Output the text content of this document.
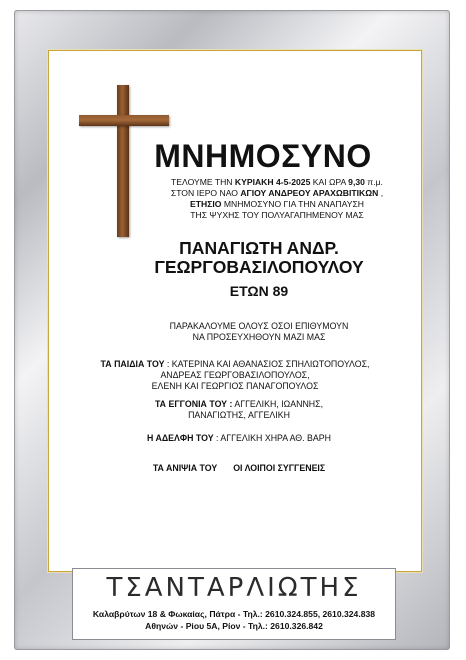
ΜΝΗΜΟΣΥΝΟ
ΤΕΛΟΥΜΕ ΤΗΝ ΚΥΡΙΑΚΗ 4-5-2025 ΚΑΙ ΩΡΑ 9,30 π.μ.
ΣΤΟΝ ΙΕΡΟ ΝΑΟ ΑΓΙΟΥ ΑΝΔΡΕΟΥ ΑΡΑΧΩΒΙΤΙΚΩΝ ,
ΕΤΗΣΙΟ ΜΝΗΜΟΣΥΝΟ ΓΙΑ ΤΗΝ ΑΝΑΠΑΥΣΗ
ΤΗΣ ΨΥΧΗΣ ΤΟΥ ΠΟΛΥΑΓΑΠΗΜΕΝΟΥ ΜΑΣ
ΠΑΝΑΓΙΩΤΗ ΑΝΔΡ.
ΓΕΩΡΓΟΒΑΣΙΛΟΠΟΥΛΟΥ
ΕΤΩΝ 89
ΠΑΡΑΚΑΛΟΥΜΕ ΟΛΟΥΣ ΟΣΟΙ ΕΠΙΘΥΜΟΥΝ
ΝΑ ΠΡΟΣΕΥΧΗΘΟΥΝ ΜΑΖΙ ΜΑΣ
ΤΑ ΠΑΙΔΙΑ ΤΟΥ : ΚΑΤΕΡΙΝΑ ΚΑΙ ΑΘΑΝΑΣΙΟΣ ΣΠΗΛΙΩΤΟΠΟΥΛΟΣ,
ΑΝΔΡΕΑΣ ΓΕΩΡΓΟΒΑΣΙΛΟΠΟΥΛΟΣ,
ΕΛΕΝΗ ΚΑΙ ΓΕΩΡΓΙΟΣ ΠΑΝΑΓΟΠΟΥΛΟΣ
ΤΑ ΕΓΓΟΝΙΑ ΤΟΥ : ΑΓΓΕΛΙΚΗ, ΙΩΑΝΝΗΣ,
ΠΑΝΑΓΙΩΤΗΣ, ΑΓΓΕΛΙΚΗ
Η ΑΔΕΛΦΗ ΤΟΥ : ΑΓΓΕΛΙΚΗ ΧΗΡΑ ΑΘ. ΒΑΡΗ
ΤΑ ΑΝΙΨΙΑ ΤΟΥ ΟΙ ΛΟΙΠΟΙ ΣΥΓΓΕΝΕΙΣ
ΤΣΑΝΤΑΡΛΙΩΤΗΣ
Καλαβρύτων 18 & Φωκαίας, Πάτρα - Τηλ.: 2610.324.855, 2610.324.838
Αθηνών - Ρίου 5Α, Ρίον - Τηλ.: 2610.326.842
